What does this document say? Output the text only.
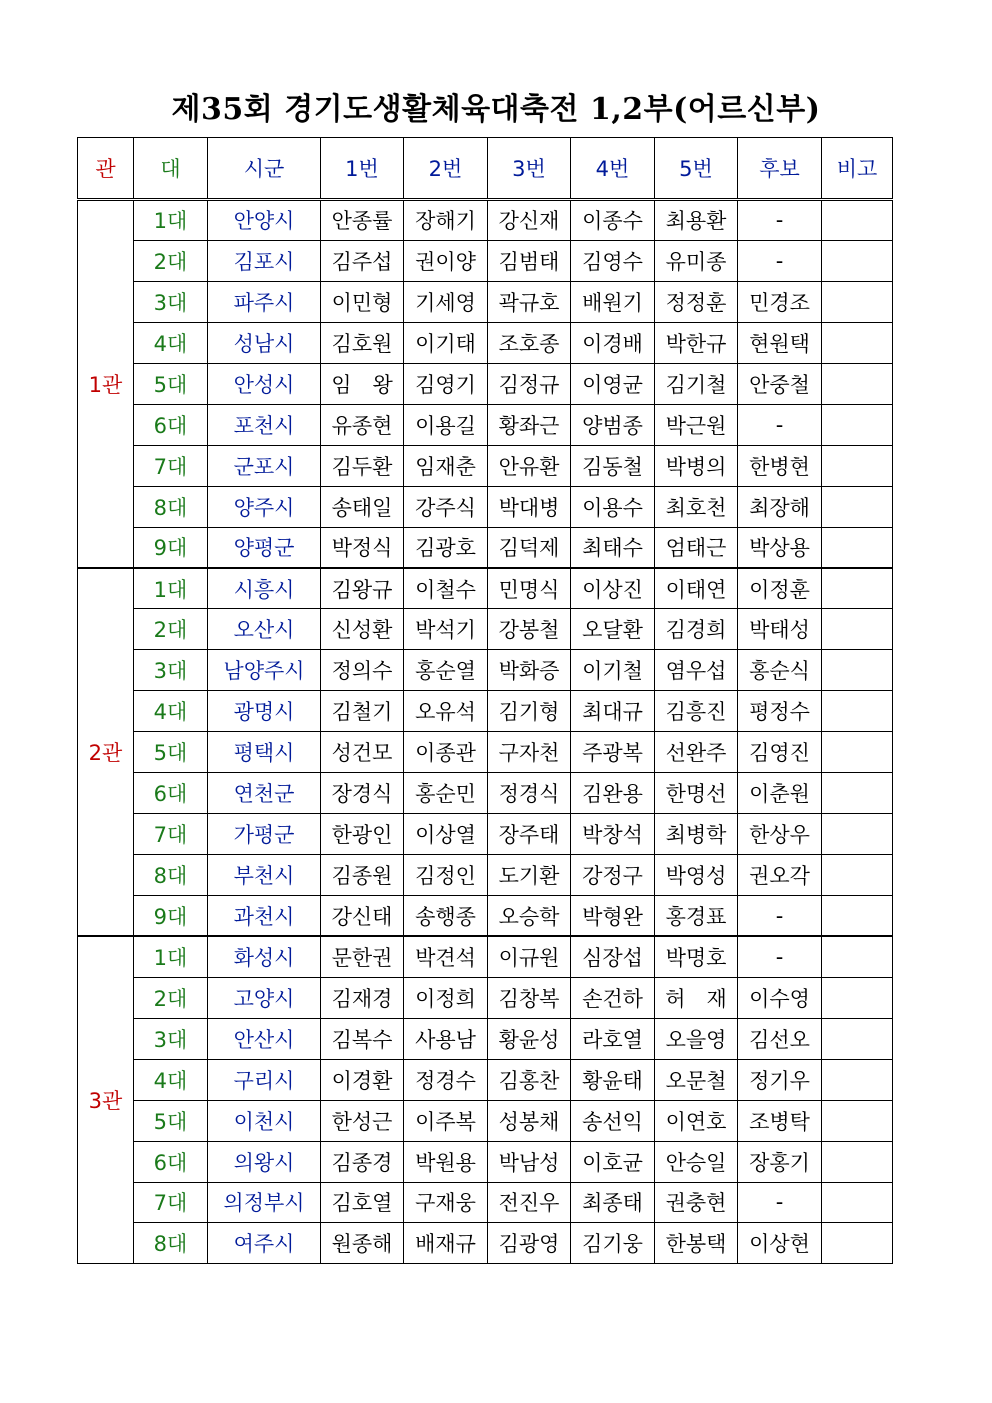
제35회 경기도생활체육대축전 1,2부(어르신부)
관	대	시군	1번	2번	3번	4번	5번	후보	비고
1관	1대	안양시	안종률	장해기	강신재	이종수	최용환	-	
	2대	김포시	김주섭	권이양	김범태	김영수	유미종	-	
	3대	파주시	이민형	기세영	곽규호	배원기	정정훈	민경조	
	4대	성남시	김호원	이기태	조호종	이경배	박한규	현원택	
	5대	안성시	임　왕	김영기	김정규	이영균	김기철	안중철	
	6대	포천시	유종현	이용길	황좌근	양범종	박근원	-	
	7대	군포시	김두환	임재춘	안유환	김동철	박병의	한병현	
	8대	양주시	송태일	강주식	박대병	이용수	최호천	최장해	
	9대	양평군	박정식	김광호	김덕제	최태수	엄태근	박상용	
2관	1대	시흥시	김왕규	이철수	민명식	이상진	이태연	이정훈	
	2대	오산시	신성환	박석기	강봉철	오달환	김경희	박태성	
	3대	남양주시	정의수	홍순열	박화증	이기철	염우섭	홍순식	
	4대	광명시	김철기	오유석	김기형	최대규	김흥진	평정수	
	5대	평택시	성건모	이종관	구자천	주광복	선완주	김영진	
	6대	연천군	장경식	홍순민	정경식	김완용	한명선	이춘원	
	7대	가평군	한광인	이상열	장주태	박창석	최병학	한상우	
	8대	부천시	김종원	김정인	도기환	강정구	박영성	권오각	
	9대	과천시	강신태	송행종	오승학	박형완	홍경표	-	
3관	1대	화성시	문한권	박견석	이규원	심장섭	박명호	-	
	2대	고양시	김재경	이정희	김창복	손건하	허　재	이수영	
	3대	안산시	김복수	사용남	황윤성	라호열	오을영	김선오	
	4대	구리시	이경환	정경수	김홍찬	황윤태	오문철	정기우	
	5대	이천시	한성근	이주복	성봉채	송선익	이연호	조병탁	
	6대	의왕시	김종경	박원용	박남성	이호균	안승일	장홍기	
	7대	의정부시	김호열	구재웅	전진우	최종태	권충현	-	
	8대	여주시	원종해	배재규	김광영	김기웅	한봉택	이상현	
